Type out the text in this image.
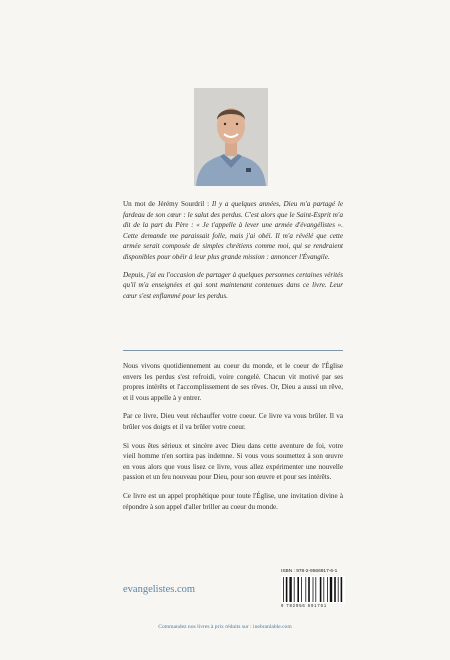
Un mot de Jérémy Sourdril : Il y a quelques années, Dieu m'a partagé le fardeau de son cœur : le salut des perdus. C'est alors que le Saint-Esprit m'a dit de la part du Père : « Je t'appelle à lever une armée d'évangélistes ». Cette demande me paraissait folle, mais j'ai obéi. Il m'a révélé que cette armée serait composée de simples chrétiens comme moi, qui se rendraient disponibles pour obéir à leur plus grande mission : annoncer l'Évangile.

Depuis, j'ai eu l'occasion de partager à quelques personnes certaines vérités qu'il m'a enseignées et qui sont maintenant contenues dans ce livre. Leur cœur s'est enflammé pour les perdus.

Nous vivons quotidiennement au coeur du monde, et le coeur de l'Église envers les perdus s'est refroidi, voire congelé. Chacun vit motivé par ses propres intérêts et l'accomplissement de ses rêves. Or, Dieu a aussi un rêve, et il vous appelle à y entrer.

Par ce livre, Dieu veut réchauffer votre coeur. Ce livre va vous brûler. Il va brûler vos doigts et il va brûler votre coeur.

Si vous êtes sérieux et sincère avec Dieu dans cette aventure de foi, votre vieil homme n'en sortira pas indemne. Si vous vous soumettez à son œuvre en vous alors que vous lisez ce livre, vous allez expérimenter une nouvelle passion et un feu nouveau pour Dieu, pour son œuvre et pour ses intérêts.

Ce livre est un appel prophétique pour toute l'Église, une invitation divine à répondre à son appel d'aller briller au coeur du monde.

ISBN : 978-2-9566917-6-1
9 782956 691761
evangelistes.com
Commandez nos livres à prix réduits sur : inebranlable.com
